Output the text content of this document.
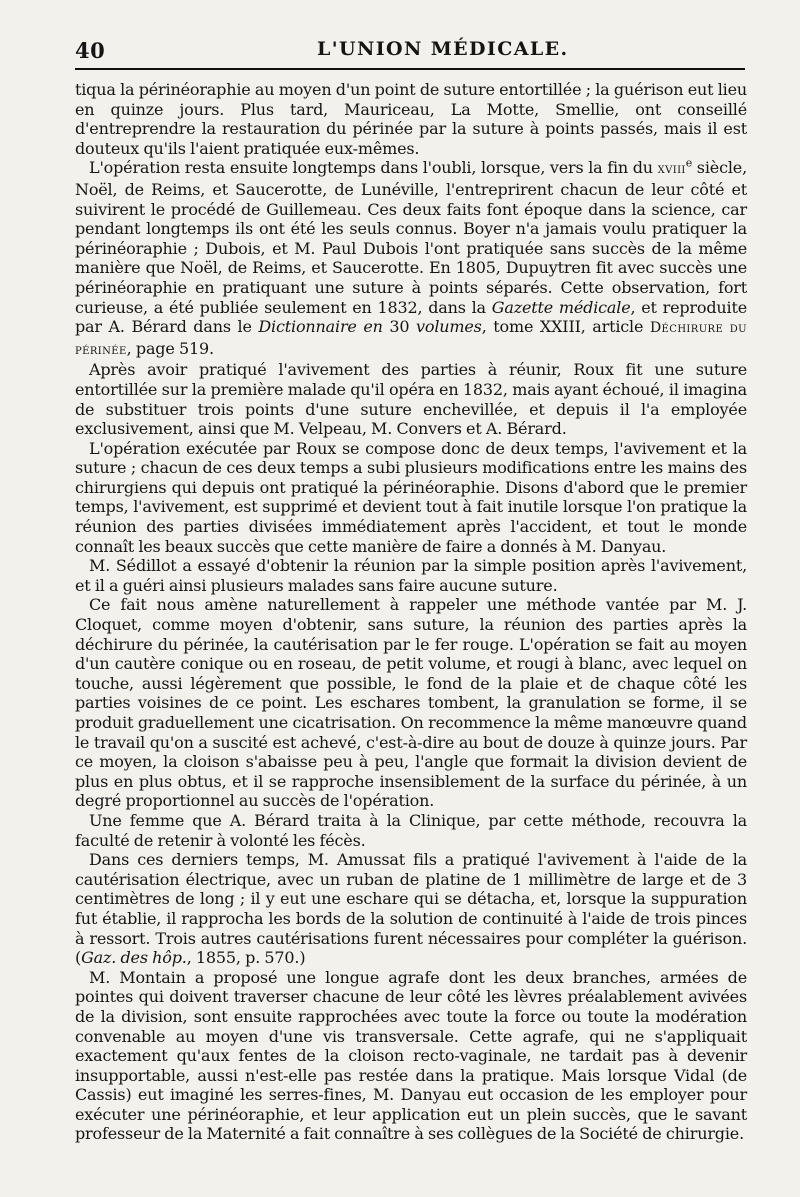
40	L'UNION MÉDICALE.

tiqua la périnéoraphie au moyen d'un point de suture entortillée ; la guérison eut lieu en quinze jours. Plus tard, Mauriceau, La Motte, Smellie, ont conseillé d'entreprendre la restauration du périnée par la suture à points passés, mais il est douteux qu'ils l'aient pratiquée eux-mêmes.

L'opération resta ensuite longtemps dans l'oubli, lorsque, vers la fin du xviii$^e$ siècle, Noël, de Reims, et Saucerotte, de Lunéville, l'entreprirent chacun de leur côté et suivirent le procédé de Guillemeau. Ces deux faits font époque dans la science, car pendant longtemps ils ont été les seuls connus. Boyer n'a jamais voulu pratiquer la périnéoraphie ; Dubois, et M. Paul Dubois l'ont pratiquée sans succès de la même manière que Noël, de Reims, et Saucerotte. En 1805, Dupuytren fit avec succès une périnéoraphie en pratiquant une suture à points séparés. Cette observation, fort curieuse, a été publiée seulement en 1832, dans la Gazette médicale, et reproduite par A. Bérard dans le Dictionnaire en 30 volumes, tome XXIII, article Déchirure du périnée, page 519.

Après avoir pratiqué l'avivement des parties à réunir, Roux fit une suture entortillée sur la première malade qu'il opéra en 1832, mais ayant échoué, il imagina de substituer trois points d'une suture enchevillée, et depuis il l'a employée exclusivement, ainsi que M. Velpeau, M. Convers et A. Bérard.

L'opération exécutée par Roux se compose donc de deux temps, l'avivement et la suture ; chacun de ces deux temps a subi plusieurs modifications entre les mains des chirurgiens qui depuis ont pratiqué la périnéoraphie. Disons d'abord que le premier temps, l'avivement, est supprimé et devient tout à fait inutile lorsque l'on pratique la réunion des parties divisées immédiatement après l'accident, et tout le monde connaît les beaux succès que cette manière de faire a donnés à M. Danyau.

M. Sédillot a essayé d'obtenir la réunion par la simple position après l'avivement, et il a guéri ainsi plusieurs malades sans faire aucune suture.

Ce fait nous amène naturellement à rappeler une méthode vantée par M. J. Cloquet, comme moyen d'obtenir, sans suture, la réunion des parties après la déchirure du périnée, la cautérisation par le fer rouge. L'opération se fait au moyen d'un cautère conique ou en roseau, de petit volume, et rougi à blanc, avec lequel on touche, aussi légèrement que possible, le fond de la plaie et de chaque côté les parties voisines de ce point. Les eschares tombent, la granulation se forme, il se produit graduellement une cicatrisation. On recommence la même manœuvre quand le travail qu'on a suscité est achevé, c'est-à-dire au bout de douze à quinze jours. Par ce moyen, la cloison s'abaisse peu à peu, l'angle que formait la division devient de plus en plus obtus, et il se rapproche insensiblement de la surface du périnée, à un degré proportionnel au succès de l'opération.

Une femme que A. Bérard traita à la Clinique, par cette méthode, recouvra la faculté de retenir à volonté les fécès.

Dans ces derniers temps, M. Amussat fils a pratiqué l'avivement à l'aide de la cautérisation électrique, avec un ruban de platine de 1 millimètre de large et de 3 centimètres de long ; il y eut une eschare qui se détacha, et, lorsque la suppuration fut établie, il rapprocha les bords de la solution de continuité à l'aide de trois pinces à ressort. Trois autres cautérisations furent nécessaires pour compléter la guérison. (Gaz. des hôp., 1855, p. 570.)

M. Montain a proposé une longue agrafe dont les deux branches, armées de pointes qui doivent traverser chacune de leur côté les lèvres préalablement avivées de la division, sont ensuite rapprochées avec toute la force ou toute la modération convenable au moyen d'une vis transversale. Cette agrafe, qui ne s'appliquait exactement qu'aux fentes de la cloison recto-vaginale, ne tardait pas à devenir insupportable, aussi n'est-elle pas restée dans la pratique. Mais lorsque Vidal (de Cassis) eut imaginé les serres-fines, M. Danyau eut occasion de les employer pour exécuter une périnéoraphie, et leur application eut un plein succès, que le savant professeur de la Maternité a fait connaître à ses collègues de la Société de chirurgie.
